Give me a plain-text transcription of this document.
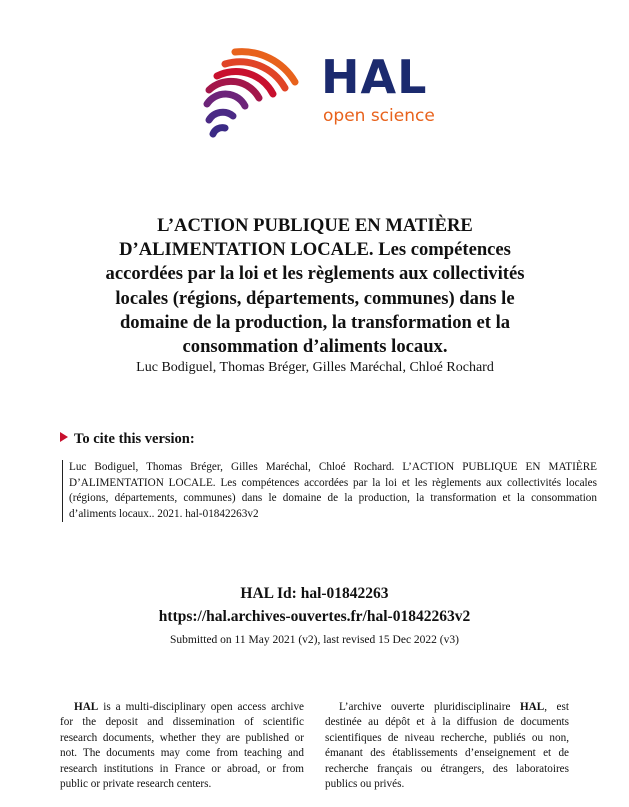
HAL
open science
L’ACTION PUBLIQUE EN MATIÈRE
D’ALIMENTATION LOCALE. Les compétences
accordées par la loi et les règlements aux collectivités
locales (régions, départements, communes) dans le
domaine de la production, la transformation et la
consommation d’aliments locaux.
Luc Bodiguel, Thomas Bréger, Gilles Maréchal, Chloé Rochard
To cite this version:
Luc Bodiguel, Thomas Bréger, Gilles Maréchal, Chloé Rochard. L’ACTION PUBLIQUE EN MATIÈRE D’ALIMENTATION LOCALE. Les compétences accordées par la loi et les règlements aux collectivités locales (régions, départements, communes) dans le domaine de la production, la transformation et la consommation d’aliments locaux.. 2021. hal-01842263v2
HAL Id: hal-01842263
https://hal.archives-ouvertes.fr/hal-01842263v2
Submitted on 11 May 2021 (v2), last revised 15 Dec 2022 (v3)

HAL is a multi-disciplinary open access archive for the deposit and dissemination of scientific research documents, whether they are published or not. The documents may come from teaching and research institutions in France or abroad, or from public or private research centers.

L’archive ouverte pluridisciplinaire HAL, est destinée au dépôt et à la diffusion de documents scientifiques de niveau recherche, publiés ou non, émanant des établissements d’enseignement et de recherche français ou étrangers, des laboratoires publics ou privés.
